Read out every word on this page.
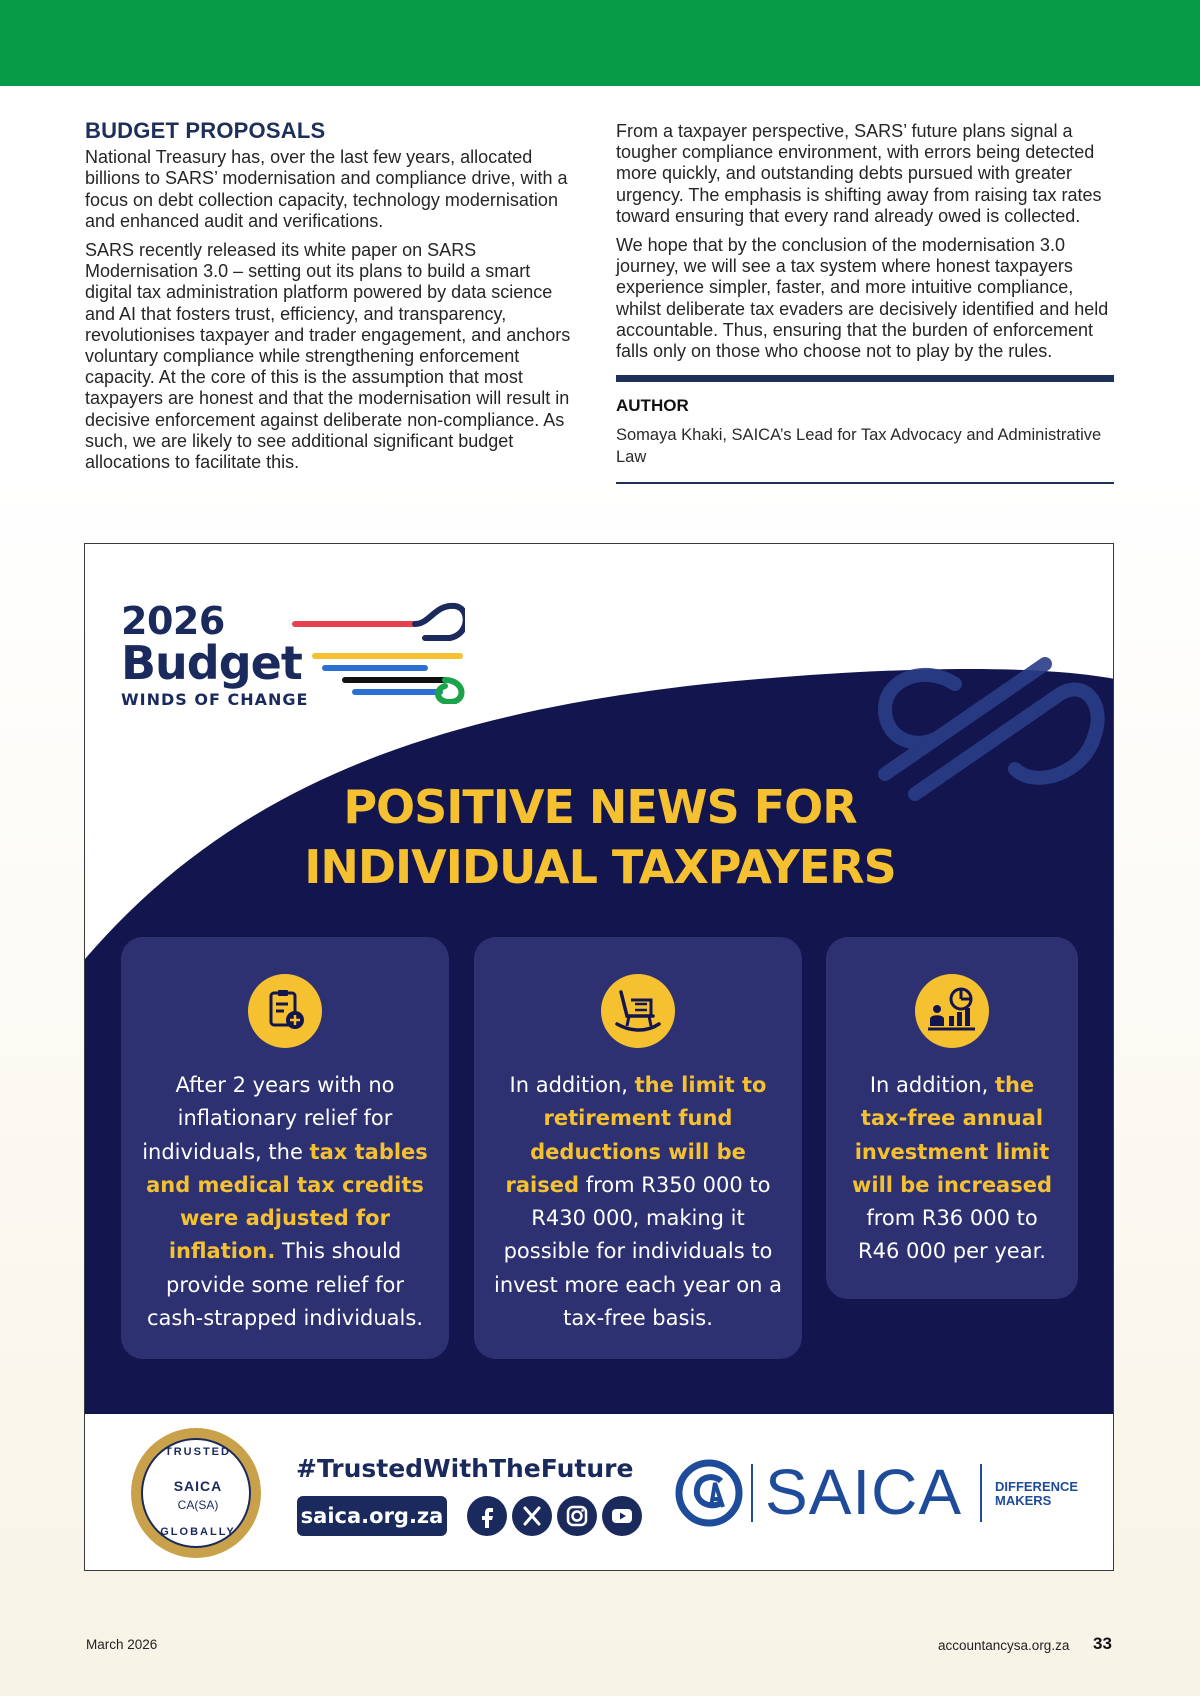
BUDGET PROPOSALS

National Treasury has, over the last few years, allocated billions to SARS’ modernisation and compliance drive, with a focus on debt collection capacity, technology modernisation and enhanced audit and verifications.

SARS recently released its white paper on SARS Modernisation 3.0 – setting out its plans to build a smart digital tax administration platform powered by data science and AI that fosters trust, efficiency, and transparency, revolutionises taxpayer and trader engagement, and anchors voluntary compliance while strengthening enforcement capacity. At the core of this is the assumption that most taxpayers are honest and that the modernisation will result in decisive enforcement against deliberate non-compliance. As such, we are likely to see additional significant budget allocations to facilitate this.

From a taxpayer perspective, SARS’ future plans signal a tougher compliance environment, with errors being detected more quickly, and outstanding debts pursued with greater urgency. The emphasis is shifting away from raising tax rates toward ensuring that every rand already owed is collected.

We hope that by the conclusion of the modernisation 3.0 journey, we will see a tax system where honest taxpayers experience simpler, faster, and more intuitive compliance, whilst deliberate tax evaders are decisively identified and held accountable. Thus, ensuring that the burden of enforcement falls only on those who choose not to play by the rules.

AUTHOR
Somaya Khaki, SAICA’s Lead for Tax Advocacy and Administrative Law
2026
Budget
WINDS OF CHANGE
POSITIVE NEWS FOR
INDIVIDUAL TAXPAYERS
After 2 years with no inflationary relief for individuals, the tax tables and medical tax credits were adjusted for inflation. This should provide some relief for cash-strapped individuals.
In addition, the limit to retirement fund deductions will be raised from R350 000 to R430 000, making it possible for individuals to invest more each year on a tax-free basis.
In addition, the tax-free annual investment limit will be increased from R36 000 to R46 000 per year.
TRUSTED
SAICA
CA(SA)
GLOBALLY
#TrustedWithTheFuture
saica.org.za	SAICA	DIFFERENCE
MAKERS
March 2026	accountancysa.org.za 33
